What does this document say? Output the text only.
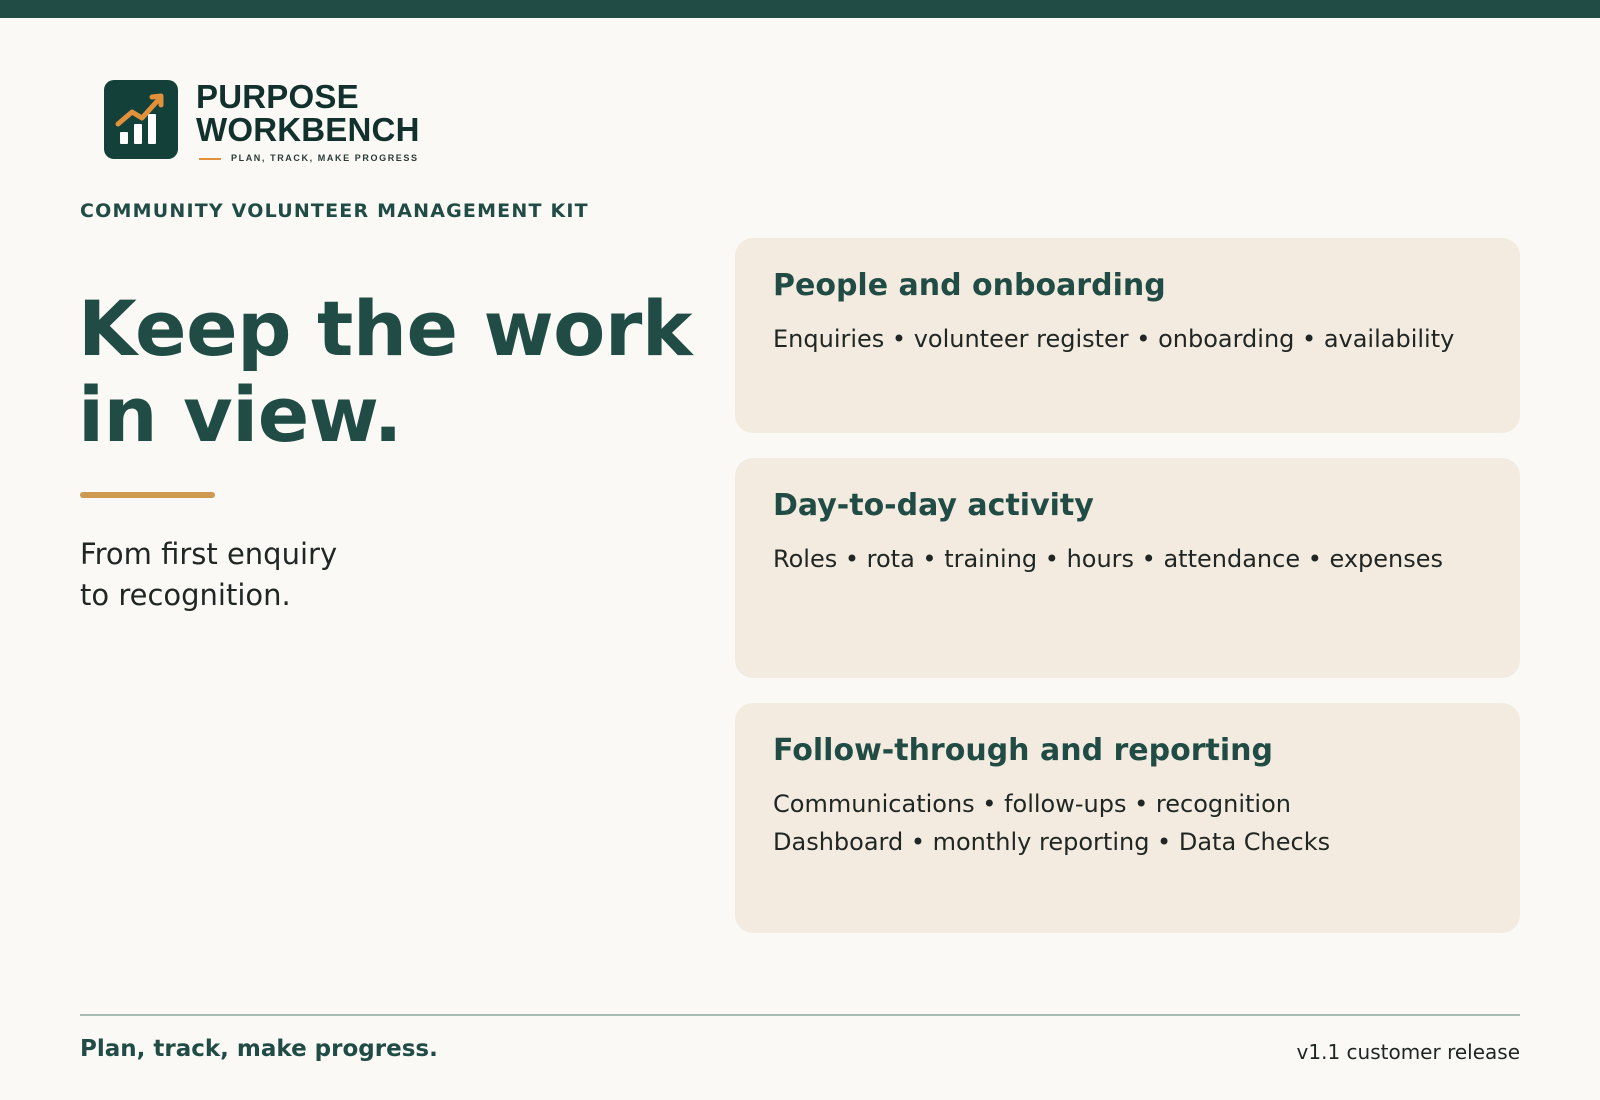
PURPOSE
WORKBENCH
PLAN, TRACK, MAKE PROGRESS
COMMUNITY VOLUNTEER MANAGEMENT KIT
Keep the work
in view.

From first enquiry
to recognition.

People and onboarding
Enquiries • volunteer register • onboarding • availability
Day-to-day activity
Roles • rota • training • hours • attendance • expenses
Follow-through and reporting
Communications • follow-ups • recognition
Dashboard • monthly reporting • Data Checks
Plan, track, make progress.	v1.1 customer release
